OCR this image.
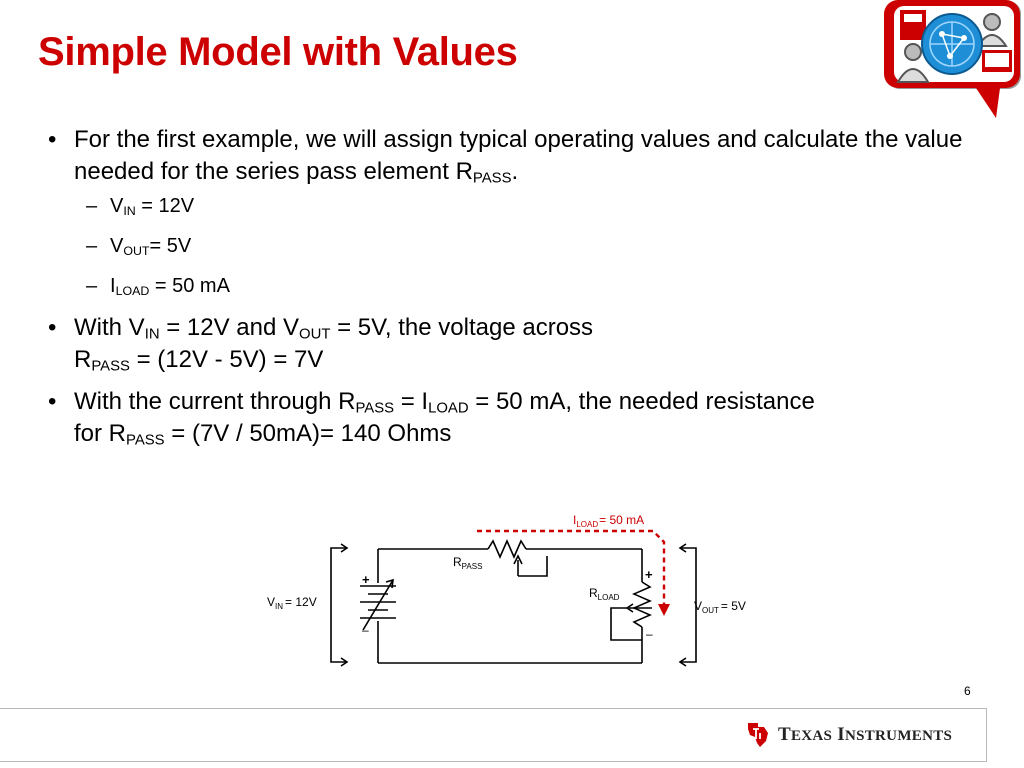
Simple Model with Values
• For the first example, we will assign typical operating values and calculate the value needed for the series pass element $R_{PASS}$.
– $V_{IN} = 12V$
– $V_{OUT}= 5V$
– $I_{LOAD} = 50$ mA
• With $V_{IN} = 12V$ and $V_{OUT} = 5V$, the voltage across
$R_{PASS} = (12V - 5V) = 7V$
• With the current through $R_{PASS} = I_{LOAD} = 50$ mA, the needed resistance
for $R_{PASS} = (7V / 50mA)= 140$ Ohms
$I_{LOAD}= 50$ mA
$R_{PASS}$
$R_{LOAD}$
$V_{IN} = 12V$	$V_{OUT} = 5V$
+
–
+
–
6
TEXAS INSTRUMENTS
